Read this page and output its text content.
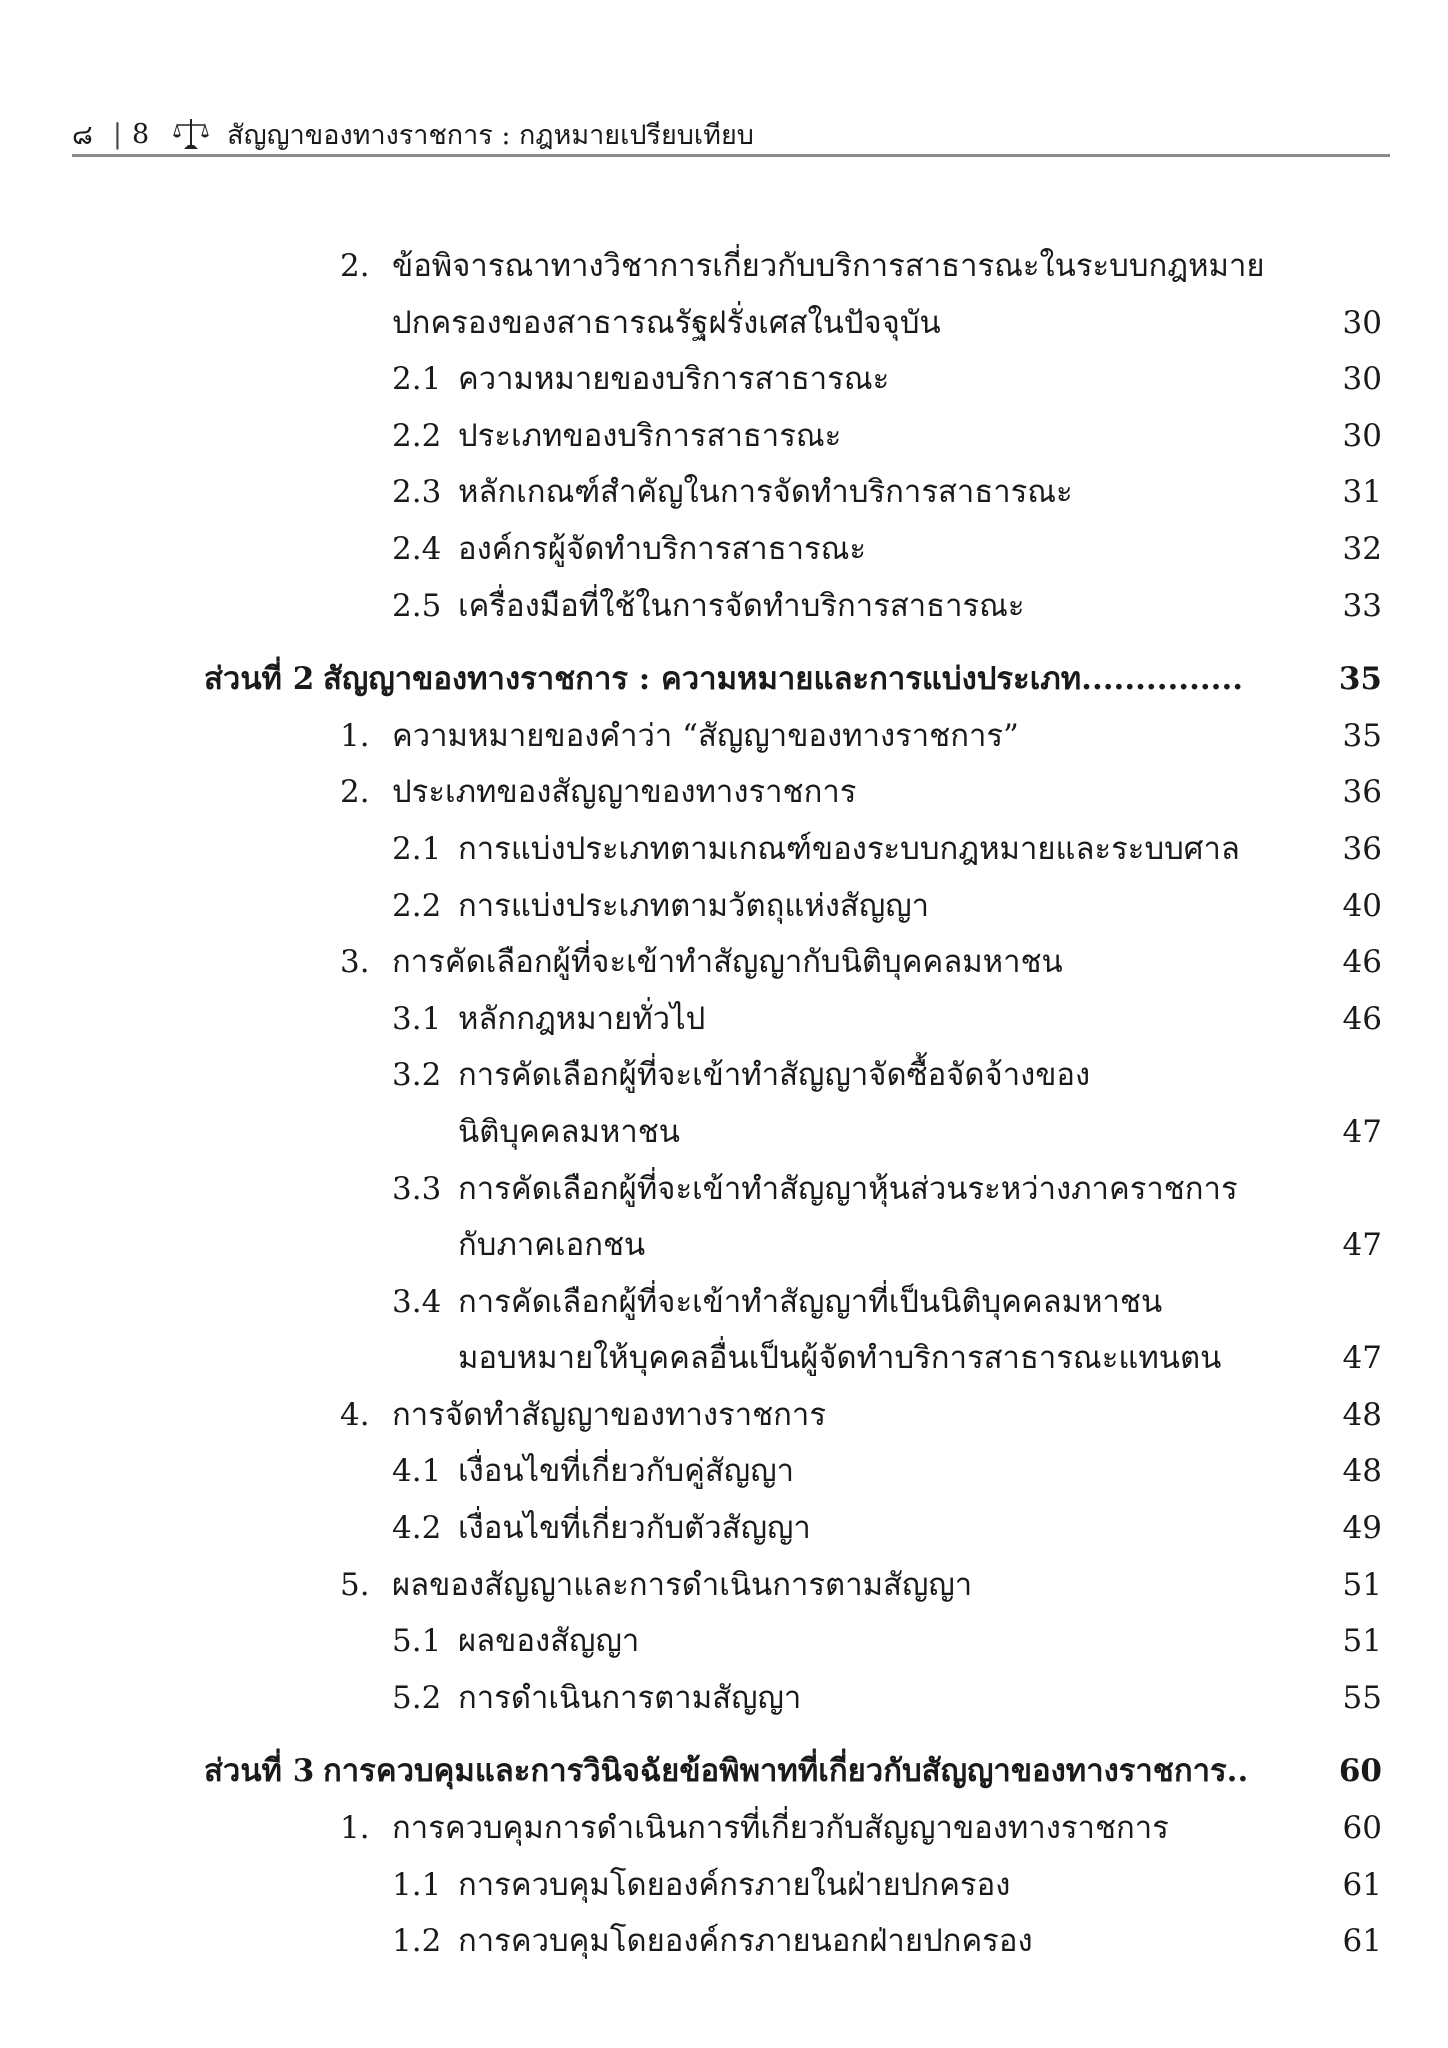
๘ | 8	สัญญาของทางราชการ : กฎหมายเปรียบเทียบ
2. ข้อพิจารณาทางวิชาการเกี่ยวกับบริการสาธารณะในระบบกฎหมาย
ปกครองของสาธารณรัฐฝรั่งเศสในปัจจุบัน	30
2.1 ความหมายของบริการสาธารณะ	30
2.2 ประเภทของบริการสาธารณะ	30
2.3 หลักเกณฑ์สำคัญในการจัดทำบริการสาธารณะ	31
2.4 องค์กรผู้จัดทำบริการสาธารณะ	32
2.5 เครื่องมือที่ใช้ในการจัดทำบริการสาธารณะ	33
ส่วนที่ 2 สัญญาของทางราชการ : ความหมายและการแบ่งประเภท...............	35
1. ความหมายของคำว่า “สัญญาของทางราชการ”	35
2. ประเภทของสัญญาของทางราชการ	36
2.1 การแบ่งประเภทตามเกณฑ์ของระบบกฎหมายและระบบศาล	36
2.2 การแบ่งประเภทตามวัตถุแห่งสัญญา	40
3. การคัดเลือกผู้ที่จะเข้าทำสัญญากับนิติบุคคลมหาชน	46
3.1 หลักกฎหมายทั่วไป	46
3.2 การคัดเลือกผู้ที่จะเข้าทำสัญญาจัดซื้อจัดจ้างของ
นิติบุคคลมหาชน	47
3.3 การคัดเลือกผู้ที่จะเข้าทำสัญญาหุ้นส่วนระหว่างภาคราชการ
กับภาคเอกชน	47
3.4 การคัดเลือกผู้ที่จะเข้าทำสัญญาที่เป็นนิติบุคคลมหาชน
มอบหมายให้บุคคลอื่นเป็นผู้จัดทำบริการสาธารณะแทนตน	47
4. การจัดทำสัญญาของทางราชการ	48
4.1 เงื่อนไขที่เกี่ยวกับคู่สัญญา	48
4.2 เงื่อนไขที่เกี่ยวกับตัวสัญญา	49
5. ผลของสัญญาและการดำเนินการตามสัญญา	51
5.1 ผลของสัญญา	51
5.2 การดำเนินการตามสัญญา	55
ส่วนที่ 3 การควบคุมและการวินิจฉัยข้อพิพาทที่เกี่ยวกับสัญญาของทางราชการ..	60
1. การควบคุมการดำเนินการที่เกี่ยวกับสัญญาของทางราชการ	60
1.1 การควบคุมโดยองค์กรภายในฝ่ายปกครอง	61
1.2 การควบคุมโดยองค์กรภายนอกฝ่ายปกครอง	61
